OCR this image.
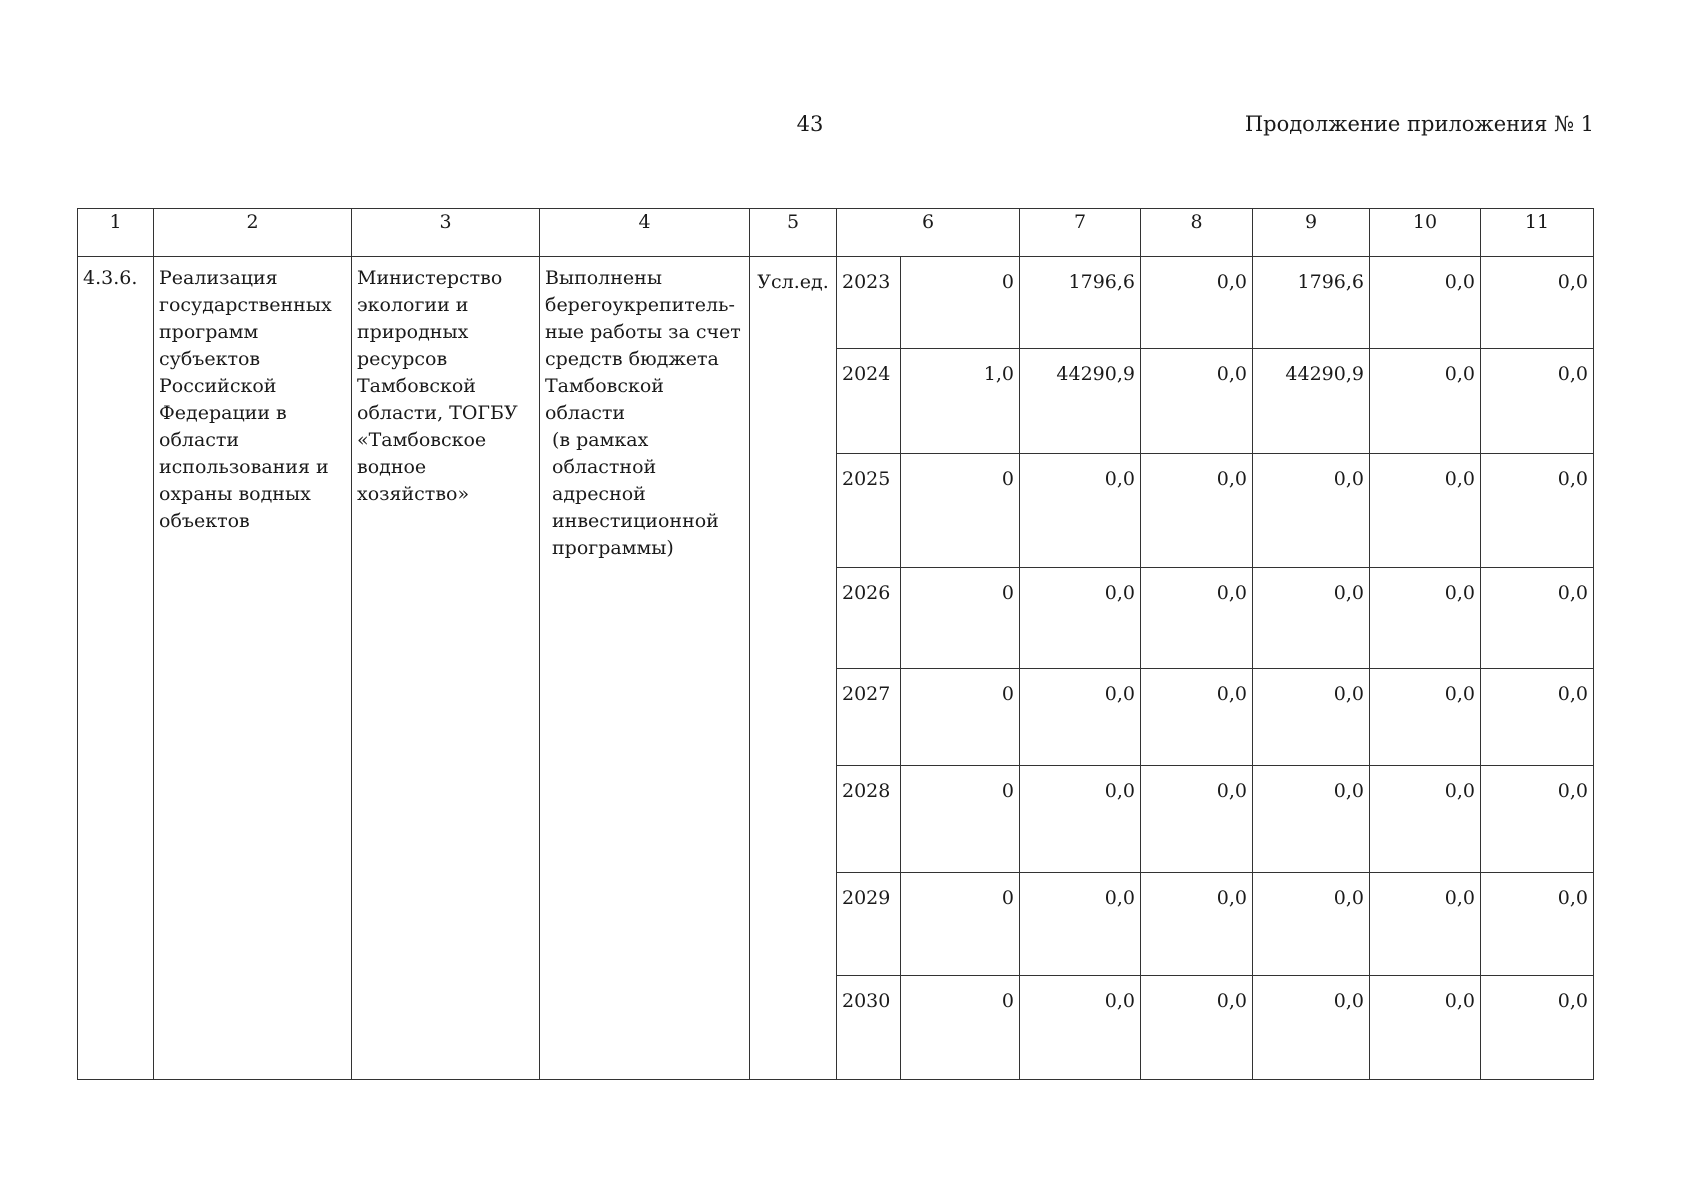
43	Продолжение приложения № 1
1	2	3	4	5	6		7	8	9	10	11
4.3.6.	Реализация государственных программ субъектов Российской Федерации в области использования и охраны водных объектов	Министерство экологии и природных ресурсов Тамбовской области, ТОГБУ «Тамбовское водное хозяйство»	Выполнены берегоукрепитель-ные работы за счет средств бюджета Тамбовской области
(в рамках областной адресной инвестиционной программы)	Усл.ед.	2023	0	1796,6	0,0	1796,6	0,0	0,0
					2024	1,0	44290,9	0,0	44290,9	0,0	0,0
					2025	0	0,0	0,0	0,0	0,0	0,0
					2026	0	0,0	0,0	0,0	0,0	0,0
					2027	0	0,0	0,0	0,0	0,0	0,0
					2028	0	0,0	0,0	0,0	0,0	0,0
					2029	0	0,0	0,0	0,0	0,0	0,0
					2030	0	0,0	0,0	0,0	0,0	0,0
